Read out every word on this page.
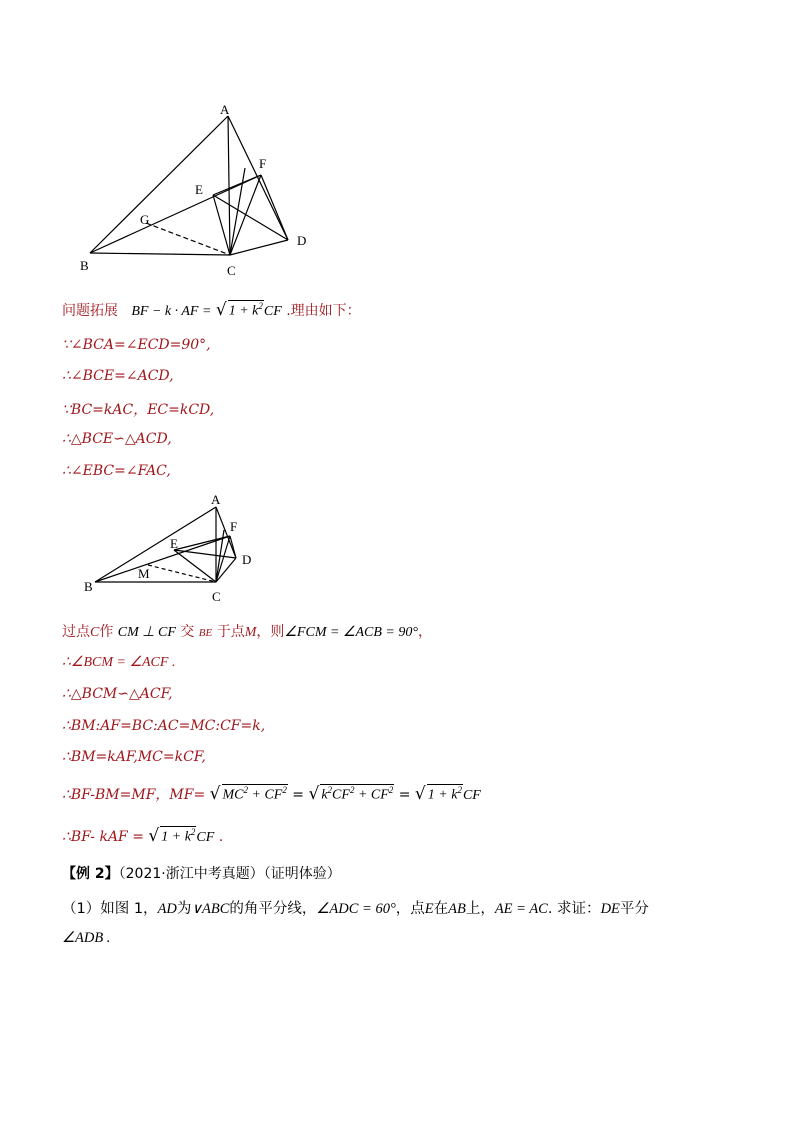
A
B	C
D
E
F
G
问题拓展 BF − k · AF = √ $1 + k^2CF$ .理由如下：
∵∠BCA=∠ECD=90°,
∴∠BCE=∠ACD,
∵BC=kAC，EC=kCD,
∴△BCE∽△ACD,
∴∠EBC=∠FAC,
A
B
C
D
E
F
M
过点C作 CM ⊥ CF 交 BE 于点M，则∠FCM = ∠ACB = 90°，
∴∠BCM = ∠ACF .
∴△BCM∽△ACF,
∴BM:AF=BC:AC=MC:CF=k,
∴BM=kAF,MC=kCF,
∴BF-BM=MF，MF= √ $MC^2 + CF^2$ = √ $k^2CF^2 + CF^2$ = √ $1 + k^2CF$
∴BF- kAF = √ $1 + k^2CF$ .
【例 2】（2021·浙江中考真题）（证明体验）
（1）如图 1，AD为∨ABC的角平分线，∠ADC = 60°，点E在AB上，AE = AC. 求证：DE平分
∠ADB .
